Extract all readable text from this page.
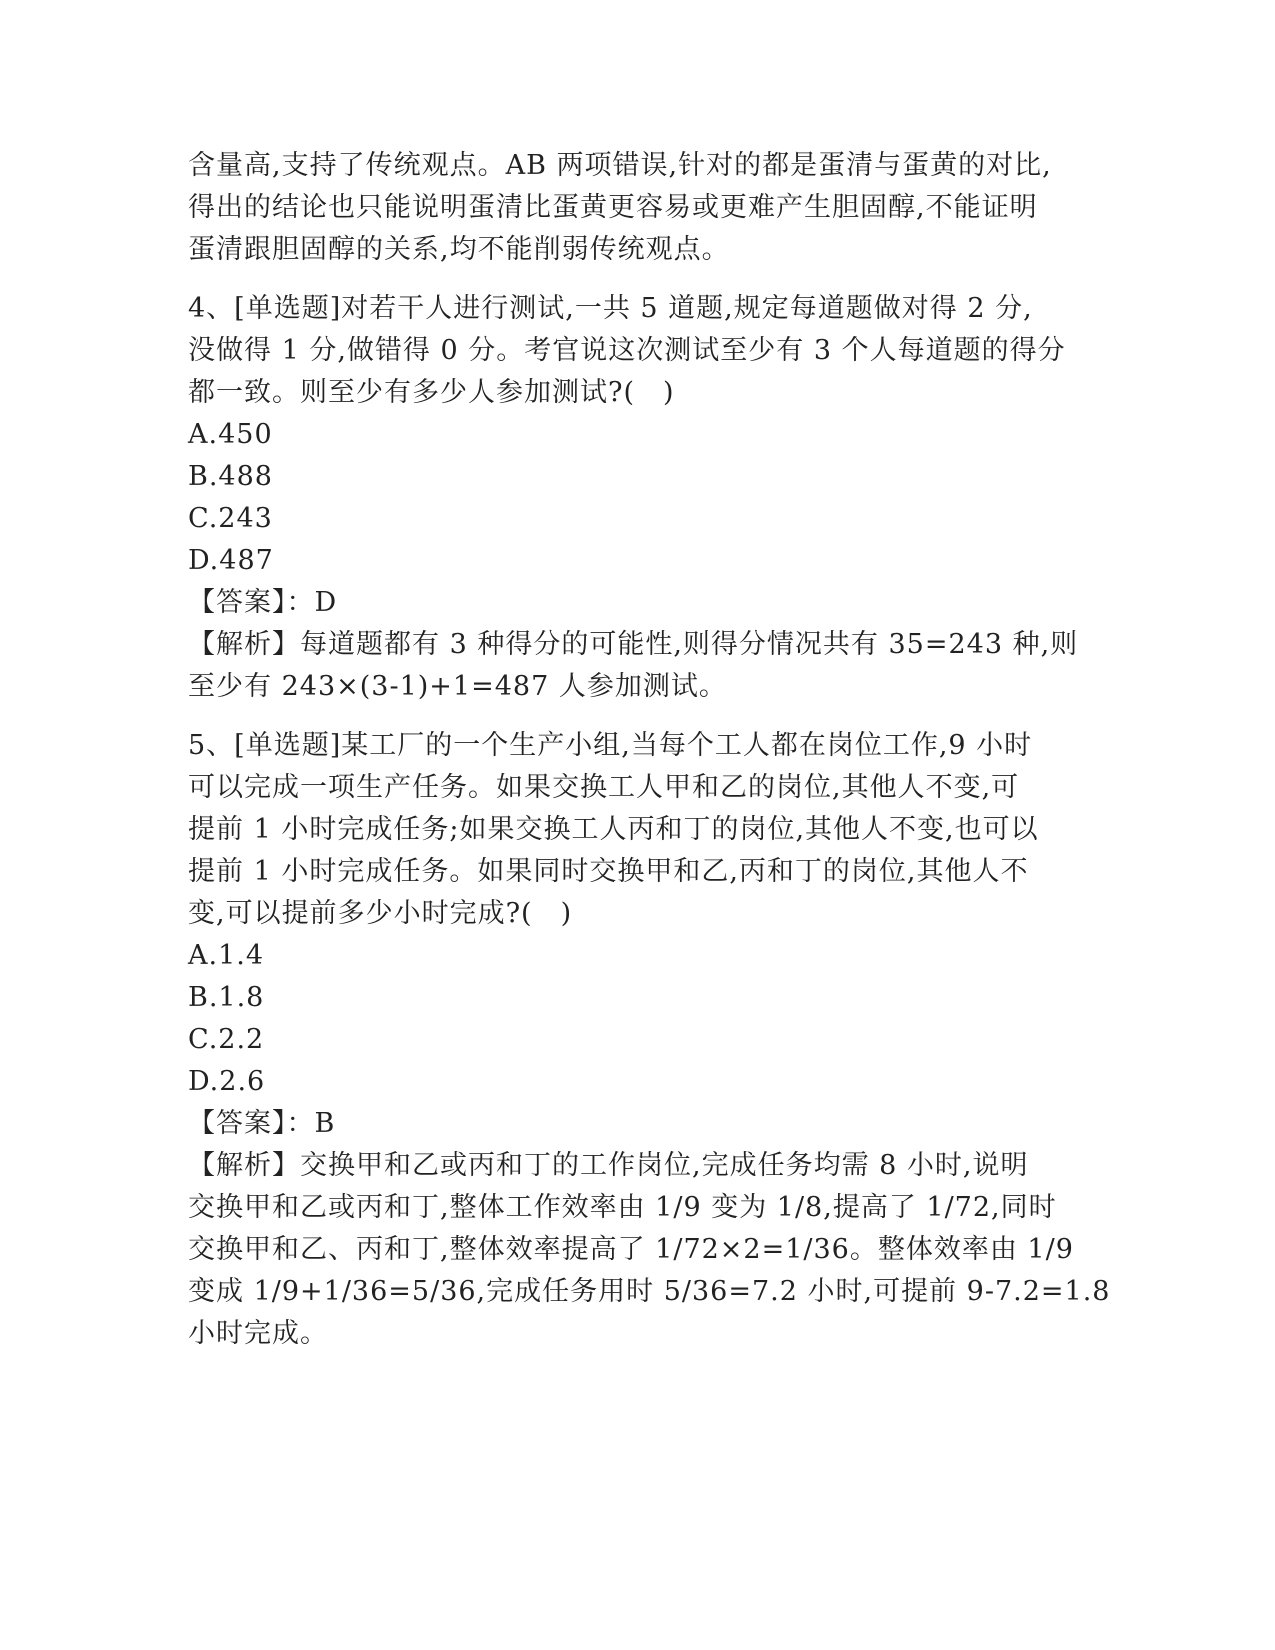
含量高,支持了传统观点。AB 两项错误,针对的都是蛋清与蛋黄的对比,
得出的结论也只能说明蛋清比蛋黄更容易或更难产生胆固醇,不能证明
蛋清跟胆固醇的关系,均不能削弱传统观点。
4、[单选题]对若干人进行测试,一共 5 道题,规定每道题做对得 2 分,
没做得 1 分,做错得 0 分。考官说这次测试至少有 3 个人每道题的得分
都一致。则至少有多少人参加测试?(　)
A.450
B.488
C.243
D.487
【答案】：D
【解析】每道题都有 3 种得分的可能性,则得分情况共有 35=243 种,则
至少有 243×(3-1)+1=487 人参加测试。
5、[单选题]某工厂的一个生产小组,当每个工人都在岗位工作,9 小时
可以完成一项生产任务。如果交换工人甲和乙的岗位,其他人不变,可
提前 1 小时完成任务;如果交换工人丙和丁的岗位,其他人不变,也可以
提前 1 小时完成任务。如果同时交换甲和乙,丙和丁的岗位,其他人不
变,可以提前多少小时完成?(　)
A.1.4
B.1.8
C.2.2
D.2.6
【答案】：B
【解析】交换甲和乙或丙和丁的工作岗位,完成任务均需 8 小时,说明
交换甲和乙或丙和丁,整体工作效率由 1/9 变为 1/8,提高了 1/72,同时
交换甲和乙、丙和丁,整体效率提高了 1/72×2=1/36。整体效率由 1/9
变成 1/9+1/36=5/36,完成任务用时 5/36=7.2 小时,可提前 9-7.2=1.8
小时完成。
